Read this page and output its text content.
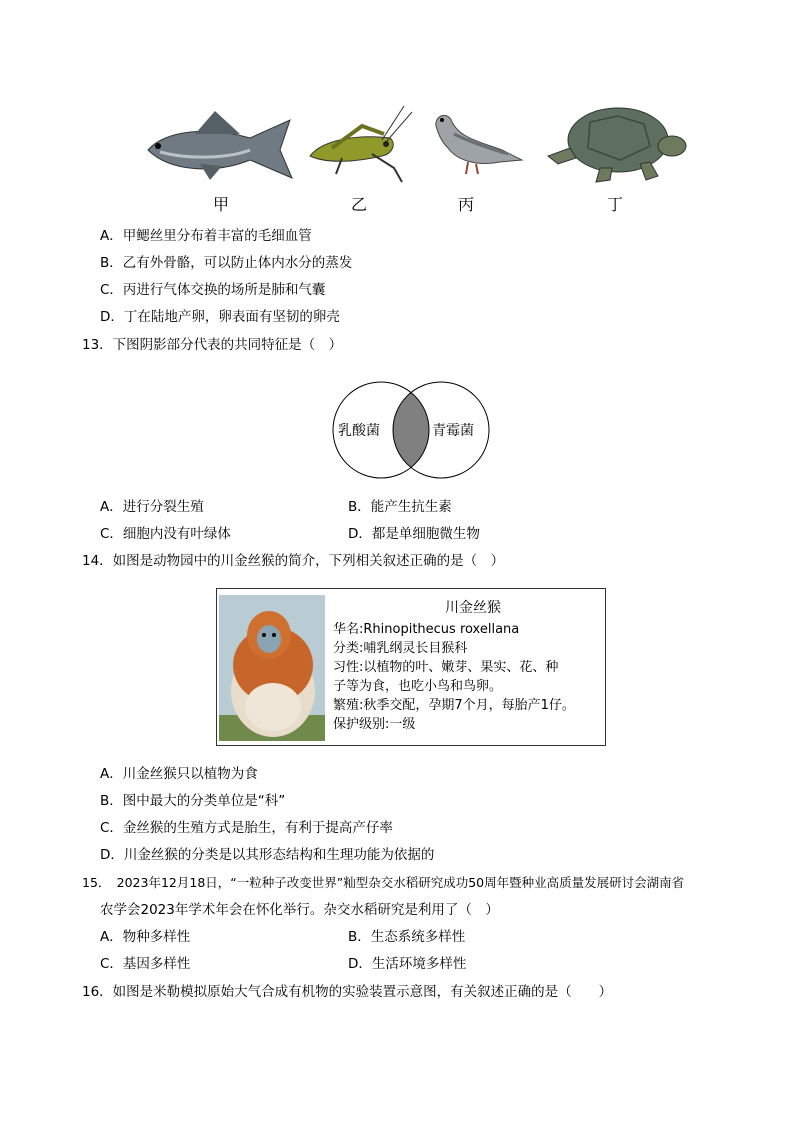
甲	乙	丙	丁
A．甲鳃丝里分布着丰富的毛细血管
B．乙有外骨骼，可以防止体内水分的蒸发
C．丙进行气体交换的场所是肺和气囊
D．丁在陆地产卵，卵表面有坚韧的卵壳
13．下图阴影部分代表的共同特征是（　）
乳酸菌	青霉菌
A．进行分裂生殖	B．能产生抗生素
C．细胞内没有叶绿体	D．都是单细胞微生物
14．如图是动物园中的川金丝猴的简介，下列相关叙述正确的是（　）
川金丝猴
华名:Rhinopithecus roxellana
分类:哺乳纲灵长目猴科
习性:以植物的叶、嫩芽、果实、花、种
子等为食，也吃小鸟和鸟卵。
繁殖:秋季交配，孕期7个月，每胎产1仔。
保护级别:一级
A．川金丝猴只以植物为食
B．图中最大的分类单位是“科”
C．金丝猴的生殖方式是胎生，有利于提高产仔率
D．川金丝猴的分类是以其形态结构和生理功能为依据的
15．　2023年12月18日，“一粒种子改变世界”籼型杂交水稻研究成功50周年暨种业高质量发展研讨会湖南省
农学会2023年学术年会在怀化举行。杂交水稻研究是利用了（　）
A．物种多样性	B．生态系统多样性
C．基因多样性	D．生活环境多样性
16．如图是米勒模拟原始大气合成有机物的实验装置示意图，有关叙述正确的是（　　）
